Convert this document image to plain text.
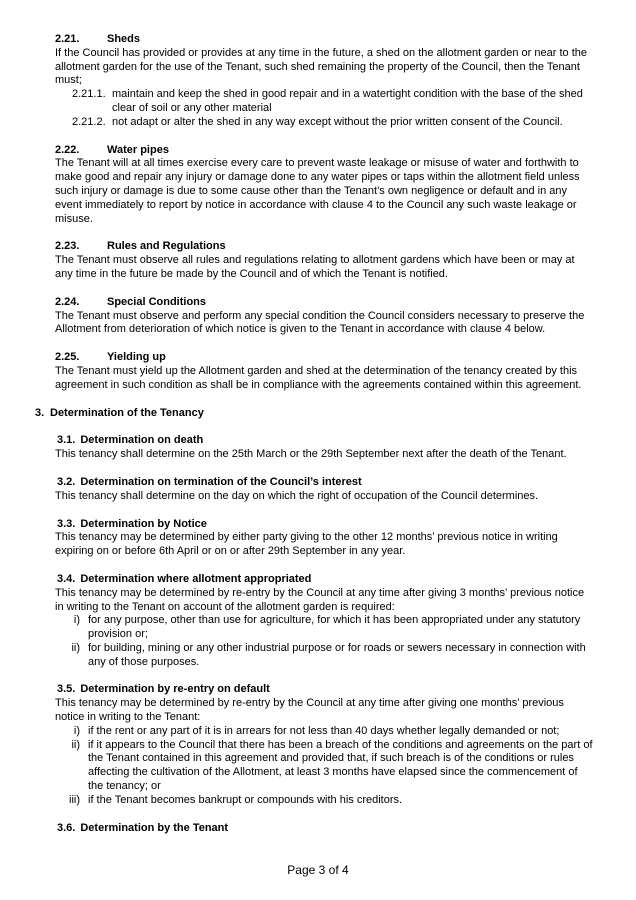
2.21.	Sheds
If the Council has provided or provides at any time in the future, a shed on the allotment garden or near to the allotment garden for the use of the Tenant, such shed remaining the property of the Council, then the Tenant must;
2.21.1. maintain and keep the shed in good repair and in a watertight condition with the base of the shed clear of soil or any other material
2.21.2. not adapt or alter the shed in any way except without the prior written consent of the Council.
2.22.	Water pipes
The Tenant will at all times exercise every care to prevent waste leakage or misuse of water and forthwith to make good and repair any injury or damage done to any water pipes or taps within the allotment field unless such injury or damage is due to some cause other than the Tenant’s own negligence or default and in any event immediately to report by notice in accordance with clause 4 to the Council any such waste leakage or misuse.
2.23.	Rules and Regulations
The Tenant must observe all rules and regulations relating to allotment gardens which have been or may at any time in the future be made by the Council and of which the Tenant is notified.
2.24.	Special Conditions
The Tenant must observe and perform any special condition the Council considers necessary to preserve the Allotment from deterioration of which notice is given to the Tenant in accordance with clause 4 below.
2.25.	Yielding up
The Tenant must yield up the Allotment garden and shed at the determination of the tenancy created by this agreement in such condition as shall be in compliance with the agreements contained within this agreement.
3. Determination of the Tenancy
3.1. Determination on death
This tenancy shall determine on the 25th March or the 29th September next after the death of the Tenant.
3.2. Determination on termination of the Council’s interest
This tenancy shall determine on the day on which the right of occupation of the Council determines.
3.3. Determination by Notice
This tenancy may be determined by either party giving to the other 12 months’ previous notice in writing expiring on or before 6th April or on or after 29th September in any year.
3.4. Determination where allotment appropriated
This tenancy may be determined by re-entry by the Council at any time after giving 3 months’ previous notice in writing to the Tenant on account of the allotment garden is required:
i) for any purpose, other than use for agriculture, for which it has been appropriated under any statutory provision or;
ii) for building, mining or any other industrial purpose or for roads or sewers necessary in connection with any of those purposes.
3.5. Determination by re-entry on default
This tenancy may be determined by re-entry by the Council at any time after giving one months’ previous notice in writing to the Tenant:
i) if the rent or any part of it is in arrears for not less than 40 days whether legally demanded or not;
ii) if it appears to the Council that there has been a breach of the conditions and agreements on the part of the Tenant contained in this agreement and provided that, if such breach is of the conditions or rules affecting the cultivation of the Allotment, at least 3 months have elapsed since the commencement of the tenancy; or
iii) if the Tenant becomes bankrupt or compounds with his creditors.
3.6. Determination by the Tenant
Page 3 of 4
